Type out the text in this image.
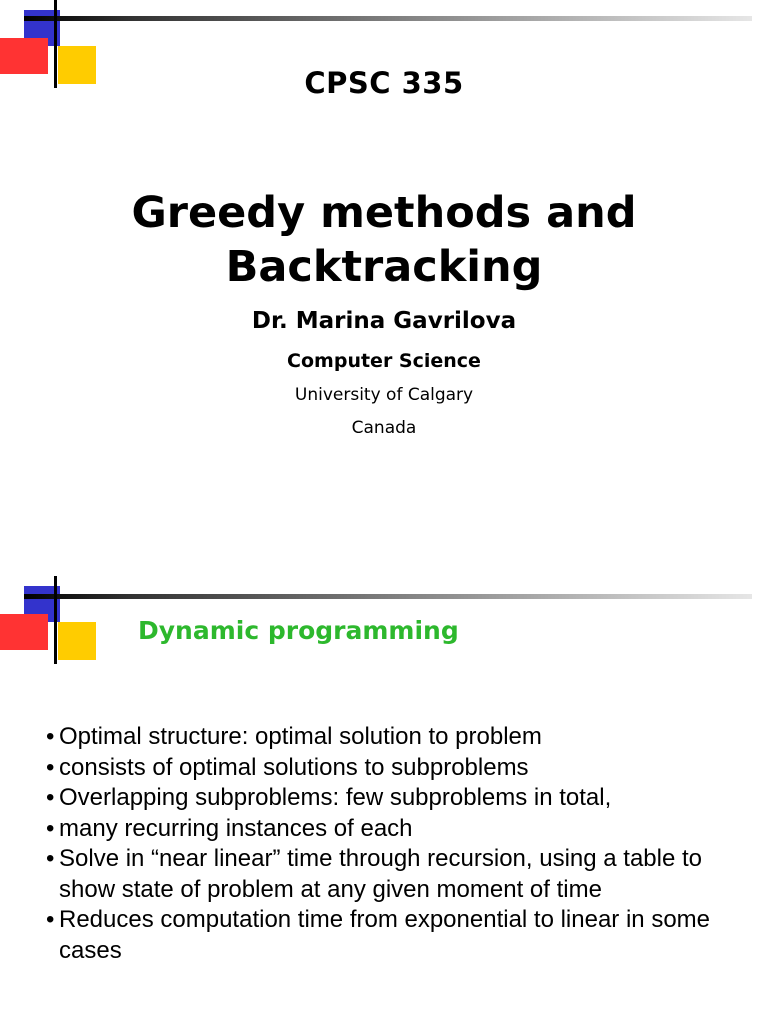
CPSC 335
Greedy methods and
Backtracking
Dr. Marina Gavrilova
Computer Science
University of Calgary
Canada
Dynamic programming
• Optimal structure: optimal solution to problem
• consists of optimal solutions to subproblems
• Overlapping subproblems: few subproblems in total,
• many recurring instances of each
• Solve in “near linear” time through recursion, using a table to show state of problem at any given moment of time
• Reduces computation time from exponential to linear in some cases
